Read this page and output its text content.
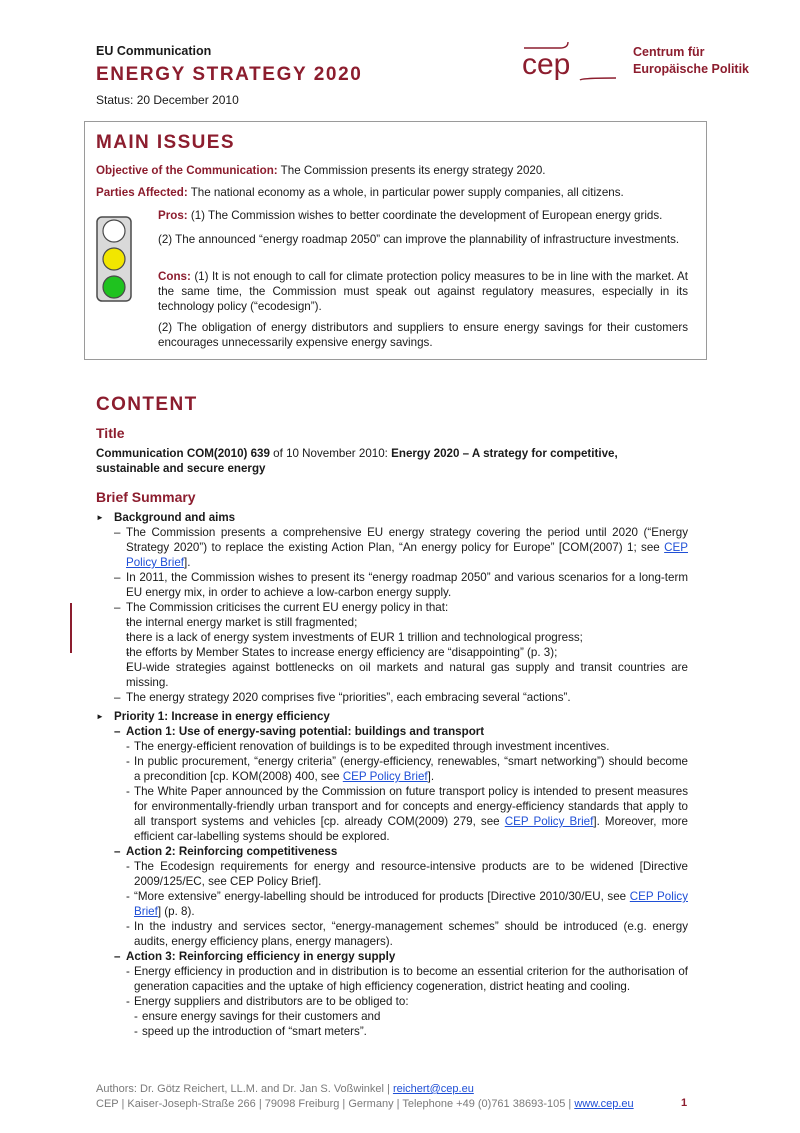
EU Communication
ENERGY STRATEGY 2020
Status: 20 December 2010
cep	Centrum für
Europäische Politik
MAIN ISSUES
Objective of the Communication: The Commission presents its energy strategy 2020.
Parties Affected: The national economy as a whole, in particular power supply companies, all citizens.
Pros: (1) The Commission wishes to better coordinate the development of European energy grids.
(2) The announced “energy roadmap 2050” can improve the plannability of infrastructure investments.
Cons: (1) It is not enough to call for climate protection policy measures to be in line with the market. At the same time, the Commission must speak out against regulatory measures, especially in its technology policy (“ecodesign”).
(2) The obligation of energy distributors and suppliers to ensure energy savings for their customers encourages unnecessarily expensive energy savings.
CONTENT
Title
Communication COM(2010) 639 of 10 November 2010: Energy 2020 – A strategy for competitive, sustainable and secure energy
Brief Summary
► Background and aims
– The Commission presents a comprehensive EU energy strategy covering the period until 2020 (“Energy Strategy 2020”) to replace the existing Action Plan, “An energy policy for Europe” [COM(2007) 1; see CEP Policy Brief].
– In 2011, the Commission wishes to present its “energy roadmap 2050” and various scenarios for a long-term EU energy mix, in order to achieve a low-carbon energy supply.
– The Commission criticises the current EU energy policy in that:
- the internal energy market is still fragmented;
- there is a lack of energy system investments of EUR 1 trillion and technological progress;
- the efforts by Member States to increase energy efficiency are “disappointing” (p. 3);
- EU-wide strategies against bottlenecks on oil markets and natural gas supply and transit countries are missing.
– The energy strategy 2020 comprises five “priorities”, each embracing several “actions”.
► Priority 1: Increase in energy efficiency
– Action 1: Use of energy-saving potential: buildings and transport
- The energy-efficient renovation of buildings is to be expedited through investment incentives.
- In public procurement, “energy criteria” (energy-efficiency, renewables, “smart networking”) should become a precondition [cp. KOM(2008) 400, see CEP Policy Brief].
- The White Paper announced by the Commission on future transport policy is intended to present measures for environmentally-friendly urban transport and for concepts and energy-efficiency standards that apply to all transport systems and vehicles [cp. already COM(2009) 279, see CEP Policy Brief]. Moreover, more efficient car-labelling systems should be explored.
– Action 2: Reinforcing competitiveness
- The Ecodesign requirements for energy and resource-intensive products are to be widened [Directive 2009/125/EC, see CEP Policy Brief].
- “More extensive” energy-labelling should be introduced for products [Directive 2010/30/EU, see CEP Policy Brief] (p. 8).
- In the industry and services sector, “energy-management schemes” should be introduced (e.g. energy audits, energy efficiency plans, energy managers).
– Action 3: Reinforcing efficiency in energy supply
- Energy efficiency in production and in distribution is to become an essential criterion for the authorisation of generation capacities and the uptake of high efficiency cogeneration, district heating and cooling.
- Energy suppliers and distributors are to be obliged to:
- ensure energy savings for their customers and
- speed up the introduction of “smart meters”.
Authors: Dr. Götz Reichert, LL.M. and Dr. Jan S. Voßwinkel | reichert@cep.eu
CEP | Kaiser-Joseph-Straße 266 | 79098 Freiburg | Germany | Telephone +49 (0)761 38693-105 | www.cep.eu	1
